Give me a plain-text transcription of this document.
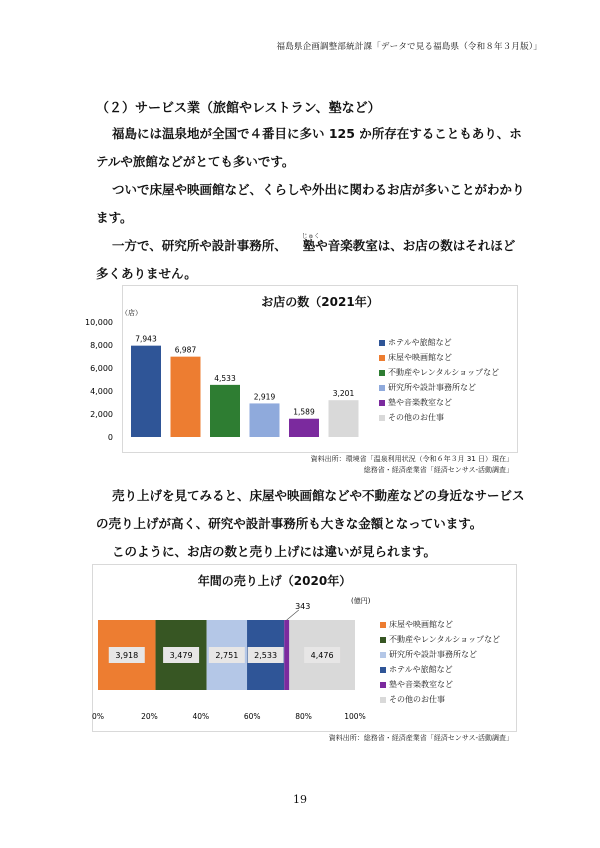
福島県企画調整部統計課「データで見る福島県（令和８年３月版）」
（２）サービス業（旅館やレストラン、塾など）
福島には温泉地が全国で４番目に多い 125 か所存在することもあり、ホテルや旅館などがとても多いです。
ついで床屋や映画館など、くらしや外出に関わるお店が多いことがわかります。
一方で、研究所や設計事務所、
じゅく
塾や音楽教室は、お店の数はそれほど多くありません。
お店の数（2021年）
（店）
0
2,000
4,000
6,000
8,000
10,000
7,943
6,987
4,533
2,919
1,589
3,201
ホテルや旅館など
床屋や映画館など
不動産やレンタルショップなど
研究所や設計事務所など
塾や音楽教室など
その他のお仕事
資料出所：環境省「温泉利用状況（令和６年３月 31 日）現在」
総務省・経済産業省「経済センサス‐活動調査」
売り上げを見てみると、床屋や映画館などや不動産などの身近なサービスの売り上げが高く、研究や設計事務所も大きな金額となっています。
このように、お店の数と売り上げには違いが見られます。
年間の売り上げ（2020年）
(億円)
3,918	3,479	2,751 2,533
343
4,476
0%	20%	40%	60%	80%	100%
床屋や映画館など
不動産やレンタルショップなど
研究所や設計事務所など
ホテルや旅館など
塾や音楽教室など
その他のお仕事
資料出所：総務省・経済産業省「経済センサス‐活動調査」
19
